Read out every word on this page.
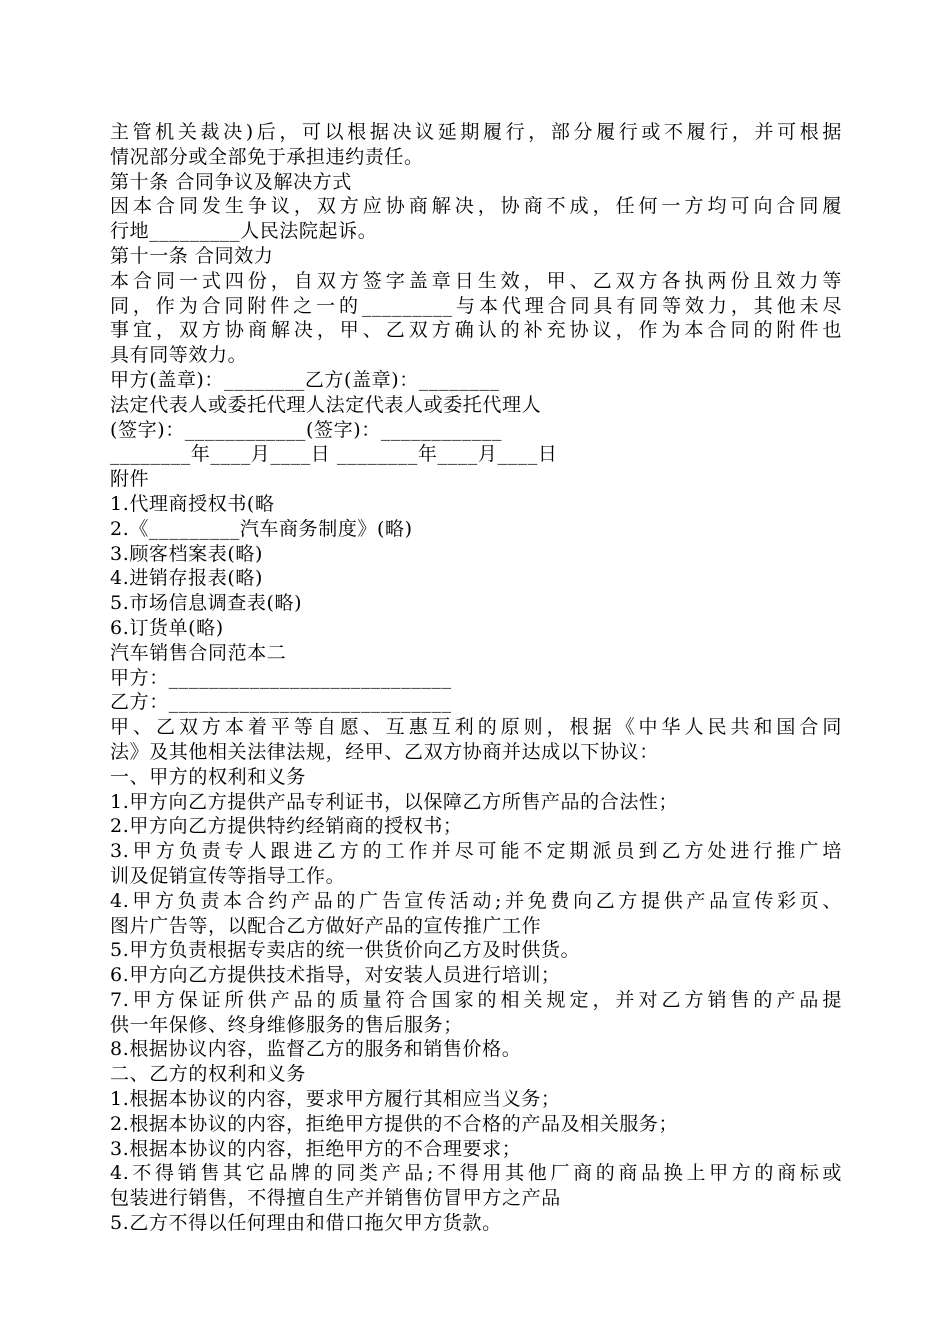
主管机关裁决)后，可以根据决议延期履行，部分履行或不履行，并可根据
情况部分或全部免于承担违约责任。
第十条 合同争议及解决方式
因本合同发生争议，双方应协商解决，协商不成，任何一方均可向合同履
行地_________人民法院起诉。
第十一条 合同效力
本合同一式四份，自双方签字盖章日生效，甲、乙双方各执两份且效力等
同，作为合同附件之一的_________与本代理合同具有同等效力，其他未尽
事宜，双方协商解决，甲、乙双方确认的补充协议，作为本合同的附件也
具有同等效力。
甲方(盖章)：________乙方(盖章)：________
法定代表人或委托代理人法定代表人或委托代理人
(签字)：____________(签字)：____________
________年____月____日 ________年____月____日
附件
1.代理商授权书(略
2.《_________汽车商务制度》(略)
3.顾客档案表(略)
4.进销存报表(略)
5.市场信息调查表(略)
6.订货单(略)
汽车销售合同范本二
甲方：____________________________
乙方：____________________________
甲、乙双方本着平等自愿、互惠互利的原则，根据《中华人民共和国合同
法》及其他相关法律法规，经甲、乙双方协商并达成以下协议：
一、甲方的权利和义务
1.甲方向乙方提供产品专利证书，以保障乙方所售产品的合法性；
2.甲方向乙方提供特约经销商的授权书；
3.甲方负责专人跟进乙方的工作并尽可能不定期派员到乙方处进行推广培
训及促销宣传等指导工作。
4.甲方负责本合约产品的广告宣传活动;并免费向乙方提供产品宣传彩页、
图片广告等，以配合乙方做好产品的宣传推广工作
5.甲方负责根据专卖店的统一供货价向乙方及时供货。
6.甲方向乙方提供技术指导，对安装人员进行培训；
7.甲方保证所供产品的质量符合国家的相关规定，并对乙方销售的产品提
供一年保修、终身维修服务的售后服务；
8.根据协议内容，监督乙方的服务和销售价格。
二、乙方的权利和义务
1.根据本协议的内容，要求甲方履行其相应当义务；
2.根据本协议的内容，拒绝甲方提供的不合格的产品及相关服务；
3.根据本协议的内容，拒绝甲方的不合理要求；
4.不得销售其它品牌的同类产品;不得用其他厂商的商品换上甲方的商标或
包装进行销售，不得擅自生产并销售仿冒甲方之产品
5.乙方不得以任何理由和借口拖欠甲方货款。
